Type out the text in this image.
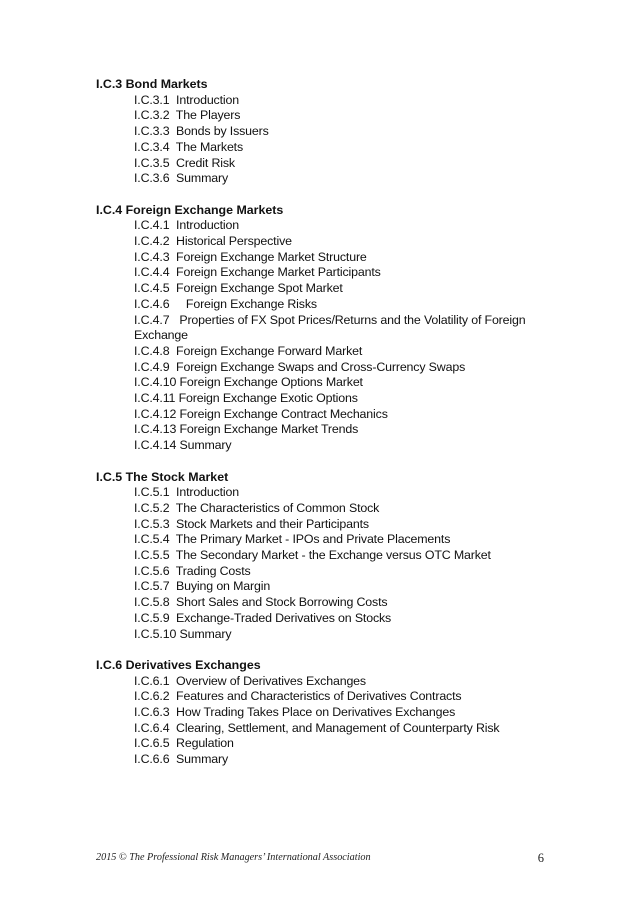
I.C.3 Bond Markets
I.C.3.1  Introduction
I.C.3.2  The Players
I.C.3.3  Bonds by Issuers
I.C.3.4  The Markets
I.C.3.5  Credit Risk
I.C.3.6  Summary
I.C.4 Foreign Exchange Markets
I.C.4.1  Introduction
I.C.4.2  Historical Perspective
I.C.4.3  Foreign Exchange Market Structure
I.C.4.4  Foreign Exchange Market Participants
I.C.4.5  Foreign Exchange Spot Market
I.C.4.6     Foreign Exchange Risks
I.C.4.7   Properties of FX Spot Prices/Returns and the Volatility of Foreign Exchange
I.C.4.8  Foreign Exchange Forward Market
I.C.4.9  Foreign Exchange Swaps and Cross-Currency Swaps
I.C.4.10 Foreign Exchange Options Market
I.C.4.11 Foreign Exchange Exotic Options
I.C.4.12 Foreign Exchange Contract Mechanics
I.C.4.13 Foreign Exchange Market Trends
I.C.4.14 Summary
I.C.5 The Stock Market
I.C.5.1  Introduction
I.C.5.2  The Characteristics of Common Stock
I.C.5.3  Stock Markets and their Participants
I.C.5.4  The Primary Market - IPOs and Private Placements
I.C.5.5  The Secondary Market - the Exchange versus OTC Market
I.C.5.6  Trading Costs
I.C.5.7  Buying on Margin
I.C.5.8  Short Sales and Stock Borrowing Costs
I.C.5.9  Exchange-Traded Derivatives on Stocks
I.C.5.10 Summary
I.C.6 Derivatives Exchanges
I.C.6.1  Overview of Derivatives Exchanges
I.C.6.2  Features and Characteristics of Derivatives Contracts
I.C.6.3  How Trading Takes Place on Derivatives Exchanges
I.C.6.4  Clearing, Settlement, and Management of Counterparty Risk
I.C.6.5  Regulation
I.C.6.6  Summary
2015 © The Professional Risk Managers’ International Association	6
